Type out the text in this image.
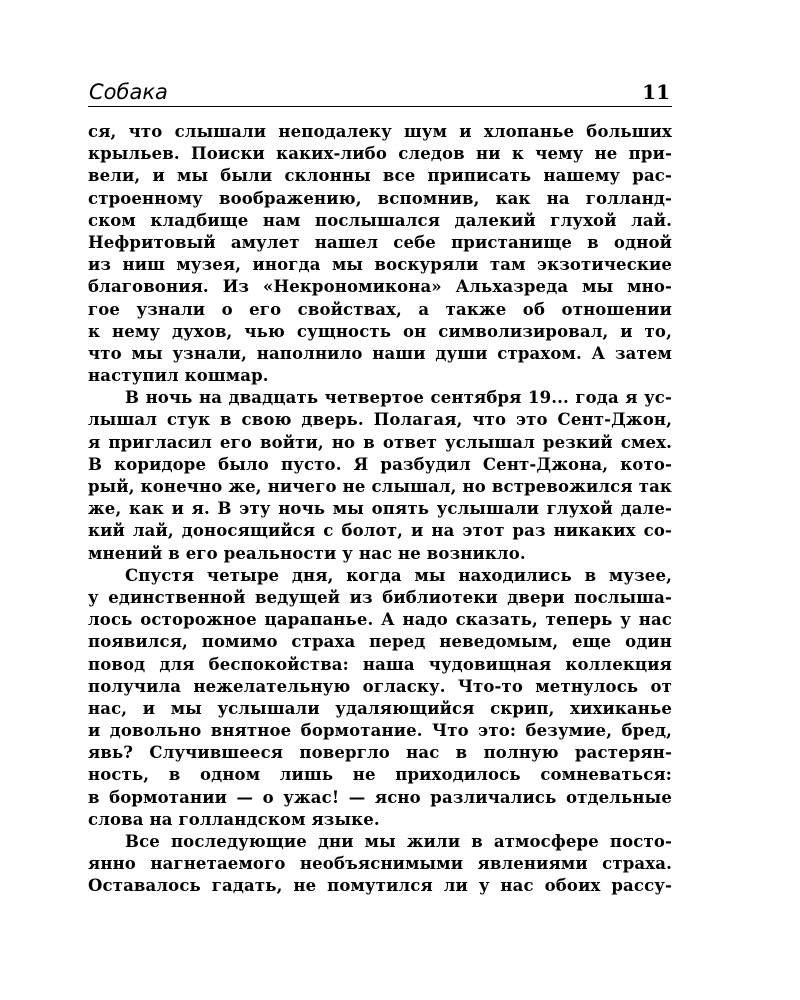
Собака	11
ся, что слышали неподалеку шум и хлопанье больших
крыльев. Поиски каких-либо следов ни к чему не при-
вели, и мы были склонны все приписать нашему рас-
строенному воображению, вспомнив, как на голланд-
ском кладбище нам послышался далекий глухой лай.
Нефритовый амулет нашел себе пристанище в одной
из ниш музея, иногда мы воскуряли там экзотические
благовония. Из «Некрономикона» Альхазреда мы мно-
гое узнали о его свойствах, а также об отношении
к нему духов, чью сущность он символизировал, и то,
что мы узнали, наполнило наши души страхом. А затем
наступил кошмар.
В ночь на двадцать четвертое сентября 19... года я ус-
лышал стук в свою дверь. Полагая, что это Сент-Джон,
я пригласил его войти, но в ответ услышал резкий смех.
В коридоре было пусто. Я разбудил Сент-Джона, кото-
рый, конечно же, ничего не слышал, но встревожился так
же, как и я. В эту ночь мы опять услышали глухой дале-
кий лай, доносящийся с болот, и на этот раз никаких со-
мнений в его реальности у нас не возникло.
Спустя четыре дня, когда мы находились в музее,
у единственной ведущей из библиотеки двери послыша-
лось осторожное царапанье. А надо сказать, теперь у нас
появился, помимо страха перед неведомым, еще один
повод для беспокойства: наша чудовищная коллекция
получила нежелательную огласку. Что-то метнулось от
нас, и мы услышали удаляющийся скрип, хихиканье
и довольно внятное бормотание. Что это: безумие, бред,
явь? Случившееся повергло нас в полную растерян-
ность, в одном лишь не приходилось сомневаться:
в бормотании — о ужас! — ясно различались отдельные
слова на голландском языке.
Все последующие дни мы жили в атмосфере посто-
янно нагнетаемого необъяснимыми явлениями страха.
Оставалось гадать, не помутился ли у нас обоих рассу-
